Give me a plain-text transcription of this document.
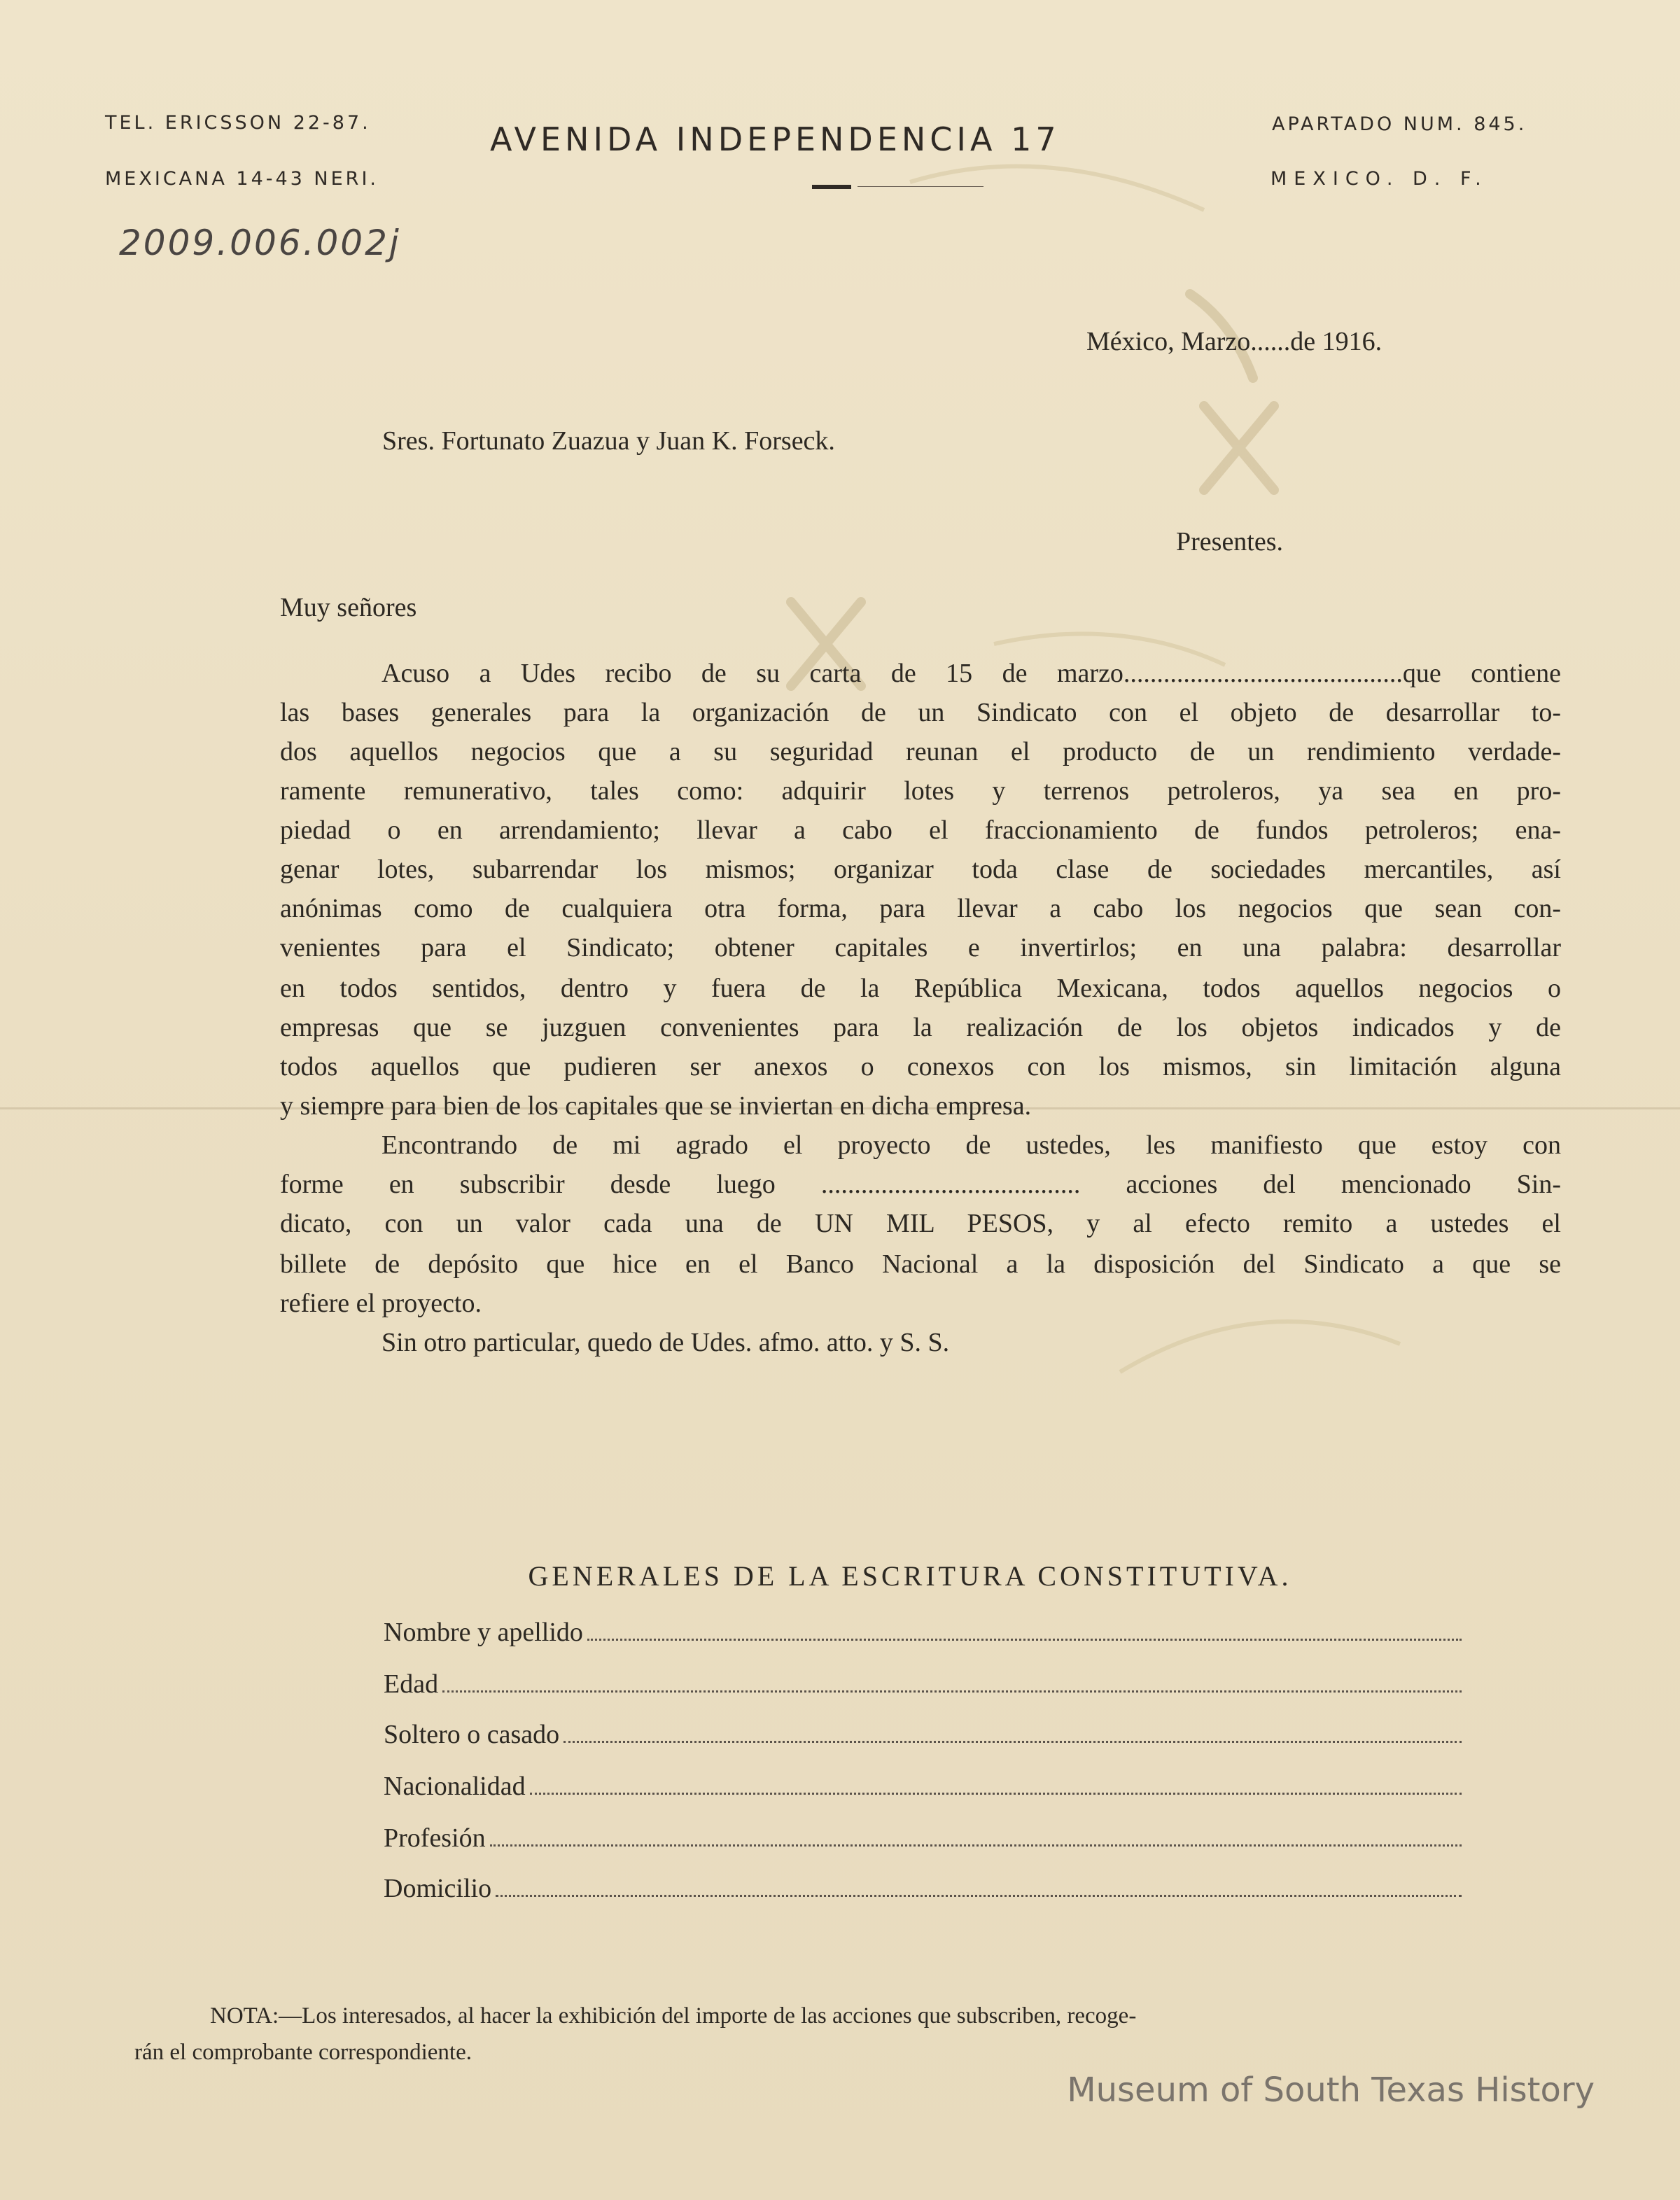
TEL. ERICSSON 22-87.
MEXICANA 14-43 NERI.
AVENIDA INDEPENDENCIA 17	APARTADO NUM. 845.
MEXICO. D. F.
2009.006.002j
México, Marzo......de 1916.
Sres. Fortunato Zuazua y Juan K. Forseck.
Presentes.
Muy señores
Acuso a Udes recibo de su carta de 15 de marzo..........................................que contiene
las bases generales para la organización de un Sindicato con el objeto de desarrollar to-
dos aquellos negocios que a su seguridad reunan el producto de un rendimiento verdade-
ramente remunerativo, tales como: adquirir lotes y terrenos petroleros, ya sea en pro-
piedad o en arrendamiento; llevar a cabo el fraccionamiento de fundos petroleros; ena-
genar lotes, subarrendar los mismos; organizar toda clase de sociedades mercantiles, así
anónimas como de cualquiera otra forma, para llevar a cabo los negocios que sean con-
venientes para el Sindicato; obtener capitales e invertirlos; en una palabra: desarrollar
en todos sentidos, dentro y fuera de la República Mexicana, todos aquellos negocios o
empresas que se juzguen convenientes para la realización de los objetos indicados y de
todos aquellos que pudieren ser anexos o conexos con los mismos, sin limitación alguna
y siempre para bien de los capitales que se inviertan en dicha empresa.
Encontrando de mi agrado el proyecto de ustedes, les manifiesto que estoy con
forme en subscribir desde luego ....................................... acciones del mencionado Sin-
dicato, con un valor cada una de UN MIL PESOS, y al efecto remito a ustedes el
billete de depósito que hice en el Banco Nacional a la disposición del Sindicato a que se
refiere el proyecto.
Sin otro particular, quedo de Udes. afmo. atto. y S. S.
GENERALES DE LA ESCRITURA CONSTITUTIVA.
Nombre y apellido
Edad
Soltero o casado
Nacionalidad
Profesión
Domicilio
NOTA:—Los interesados, al hacer la exhibición del importe de las acciones que subscriben, recoge-
rán el comprobante correspondiente.
Museum of South Texas History
